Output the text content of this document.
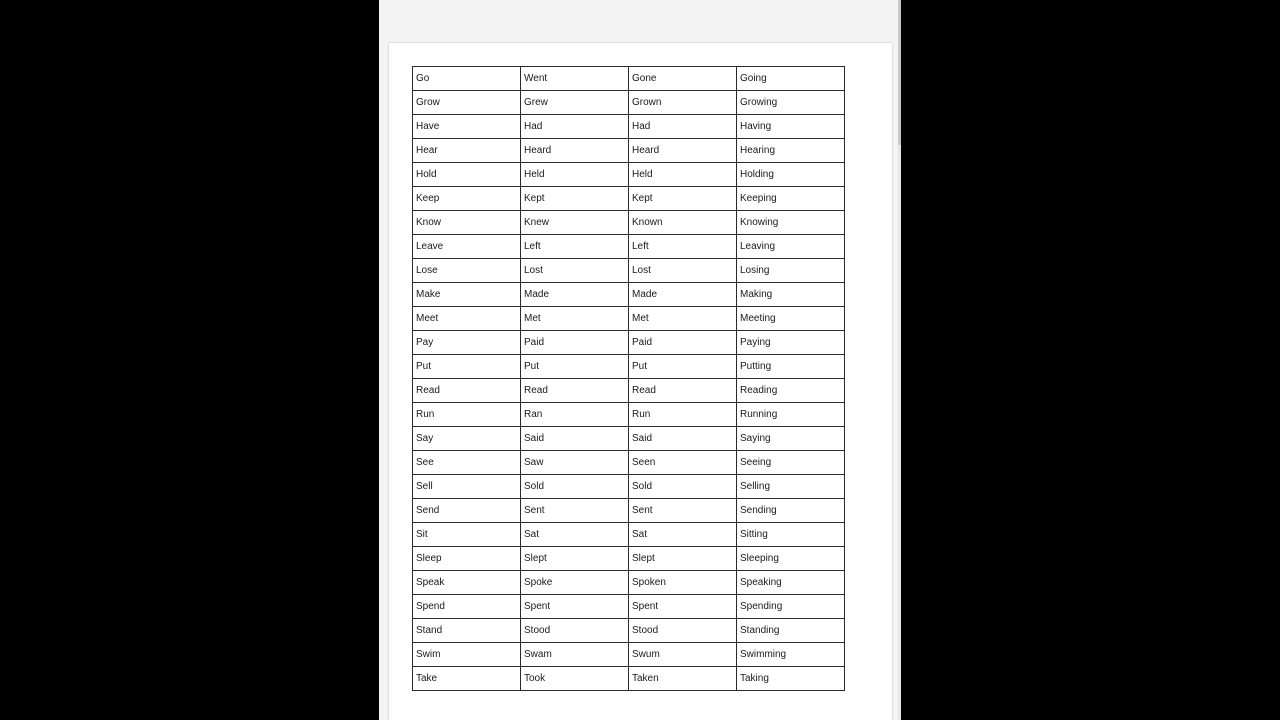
Go	Went	Gone	Going
Grow	Grew	Grown	Growing
Have	Had	Had	Having
Hear	Heard	Heard	Hearing
Hold	Held	Held	Holding
Keep	Kept	Kept	Keeping
Know	Knew	Known	Knowing
Leave	Left	Left	Leaving
Lose	Lost	Lost	Losing
Make	Made	Made	Making
Meet	Met	Met	Meeting
Pay	Paid	Paid	Paying
Put	Put	Put	Putting
Read	Read	Read	Reading
Run	Ran	Run	Running
Say	Said	Said	Saying
See	Saw	Seen	Seeing
Sell	Sold	Sold	Selling
Send	Sent	Sent	Sending
Sit	Sat	Sat	Sitting
Sleep	Slept	Slept	Sleeping
Speak	Spoke	Spoken	Speaking
Spend	Spent	Spent	Spending
Stand	Stood	Stood	Standing
Swim	Swam	Swum	Swimming
Take	Took	Taken	Taking
